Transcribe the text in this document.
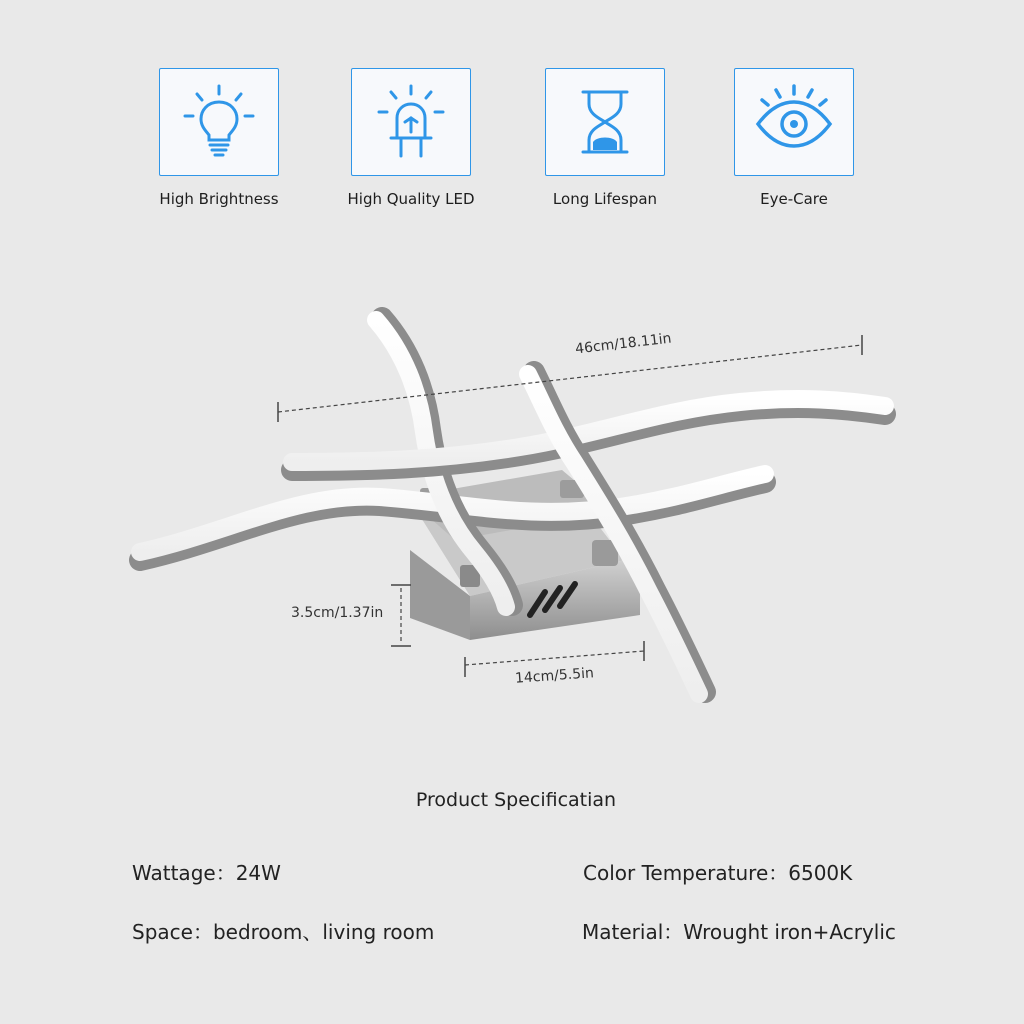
High Brightness	High Quality LED	Long Lifespan	Eye-Care
46cm/18.11in
3.5cm/1.37in
14cm/5.5in
Product Specificatian
Wattage：24W	Color Temperature：6500K
Space：bedroom、living room	Material：Wrought iron+Acrylic
